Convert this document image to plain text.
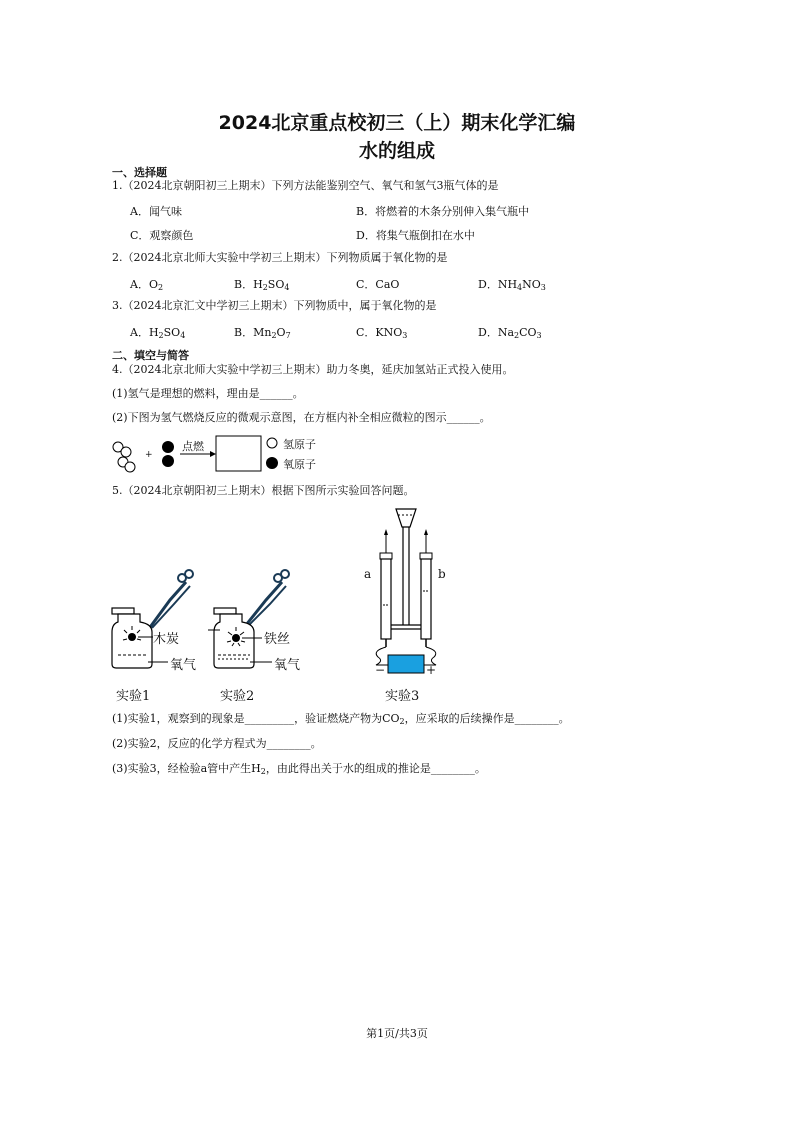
2024北京重点校初三（上）期末化学汇编
水的组成
一、选择题
1.（2024北京朝阳初三上期末）下列方法能鉴别空气、氧气和氢气3瓶气体的是
A．闻气味	B．将燃着的木条分别伸入集气瓶中
C．观察颜色	D．将集气瓶倒扣在水中
2.（2024北京北师大实验中学初三上期末）下列物质属于氧化物的是
A．$O_2$	B．$H_2SO_4$	C．CaO	D．$NH_4NO_3$
3.（2024北京汇文中学初三上期末）下列物质中，属于氧化物的是
A．$H_2SO_4$	B．$Mn_2O_7$	C．$KNO_3$	D．$Na_2CO_3$
二、填空与简答
4.（2024北京北师大实验中学初三上期末）助力冬奥，延庆加氢站正式投入使用。
(1)氢气是理想的燃料，理由是______。
(2)下图为氢气燃烧反应的微观示意图，在方框内补全相应微粒的图示______。
+
点燃	氢原子
氧原子
5.（2024北京朝阳初三上期末）根据下图所示实验回答问题。
木炭
氧气
铁丝
氧气
a	b
−	+
实验1	实验2	实验3
(1)实验1，观察到的现象是_________，验证燃烧产物为$CO_2$，应采取的后续操作是________。
(2)实验2，反应的化学方程式为________。
(3)实验3，经检验a管中产生$H_2$，由此得出关于水的组成的推论是________。
第1页/共3页
